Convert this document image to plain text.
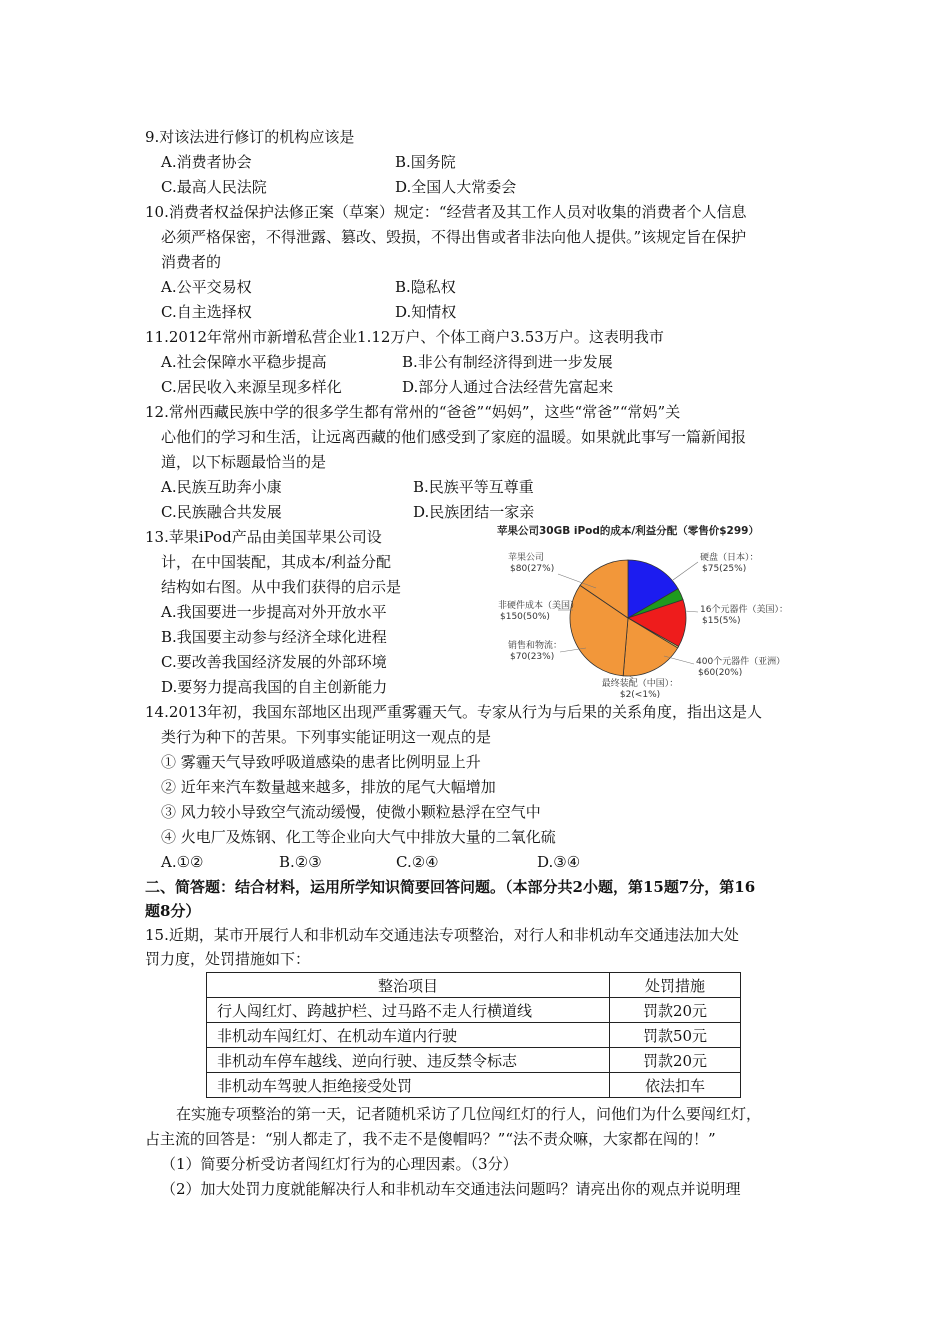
9.对该法进行修订的机构应该是
A.消费者协会	B.国务院
C.最高人民法院	D.全国人大常委会
10.消费者权益保护法修正案（草案）规定：“经营者及其工作人员对收集的消费者个人信息
必须严格保密，不得泄露、篡改、毁损，不得出售或者非法向他人提供。”该规定旨在保护
消费者的
A.公平交易权	B.隐私权
C.自主选择权	D.知情权
11.2012年常州市新增私营企业1.12万户、个体工商户3.53万户。这表明我市
A.社会保障水平稳步提高	B.非公有制经济得到进一步发展
C.居民收入来源呈现多样化	D.部分人通过合法经营先富起来
12.常州西藏民族中学的很多学生都有常州的“爸爸”“妈妈”，这些“常爸”“常妈”关
心他们的学习和生活，让远离西藏的他们感受到了家庭的温暖。如果就此事写一篇新闻报
道，以下标题最恰当的是
A.民族互助奔小康	B.民族平等互尊重
C.民族融合共发展	D.民族团结一家亲
13.苹果iPod产品由美国苹果公司设
计，在中国装配，其成本/利益分配
结构如右图。从中我们获得的启示是
A.我国要进一步提高对外开放水平
B.我国要主动参与经济全球化进程
C.要改善我国经济发展的外部环境
D.要努力提高我国的自主创新能力
苹果公司30GB iPod的成本/利益分配（零售价$299）
硬盘（日本）：
$75(25%)
16个元器件（美国）：
$15(5%)
400个元器件（亚洲）
$60(20%)
最终装配（中国）：
$2(<1%)
苹果公司
$80(27%)
非硬件成本（美国）
$150(50%)
销售和物流：
$70(23%)
14.2013年初，我国东部地区出现严重雾霾天气。专家从行为与后果的关系角度，指出这是人
类行为种下的苦果。下列事实能证明这一观点的是
① 雾霾天气导致呼吸道感染的患者比例明显上升
② 近年来汽车数量越来越多，排放的尾气大幅增加
③ 风力较小导致空气流动缓慢，使微小颗粒悬浮在空气中
④ 火电厂及炼钢、化工等企业向大气中排放大量的二氧化硫
A.①②	B.②③	C.②④	D.③④
二、简答题：结合材料，运用所学知识简要回答问题。（本部分共2小题，第15题7分，第16
题8分）
15.近期，某市开展行人和非机动车交通违法专项整治，对行人和非机动车交通违法加大处
罚力度，处罚措施如下：
整治项目	处罚措施
行人闯红灯、跨越护栏、过马路不走人行横道线	罚款20元
非机动车闯红灯、在机动车道内行驶	罚款50元
非机动车停车越线、逆向行驶、违反禁令标志	罚款20元
非机动车驾驶人拒绝接受处罚	依法扣车
在实施专项整治的第一天，记者随机采访了几位闯红灯的行人，问他们为什么要闯红灯，
占主流的回答是：“别人都走了，我不走不是傻帽吗？”“法不责众嘛，大家都在闯的！”
（1）简要分析受访者闯红灯行为的心理因素。（3分）
（2）加大处罚力度就能解决行人和非机动车交通违法问题吗？请亮出你的观点并说明理
